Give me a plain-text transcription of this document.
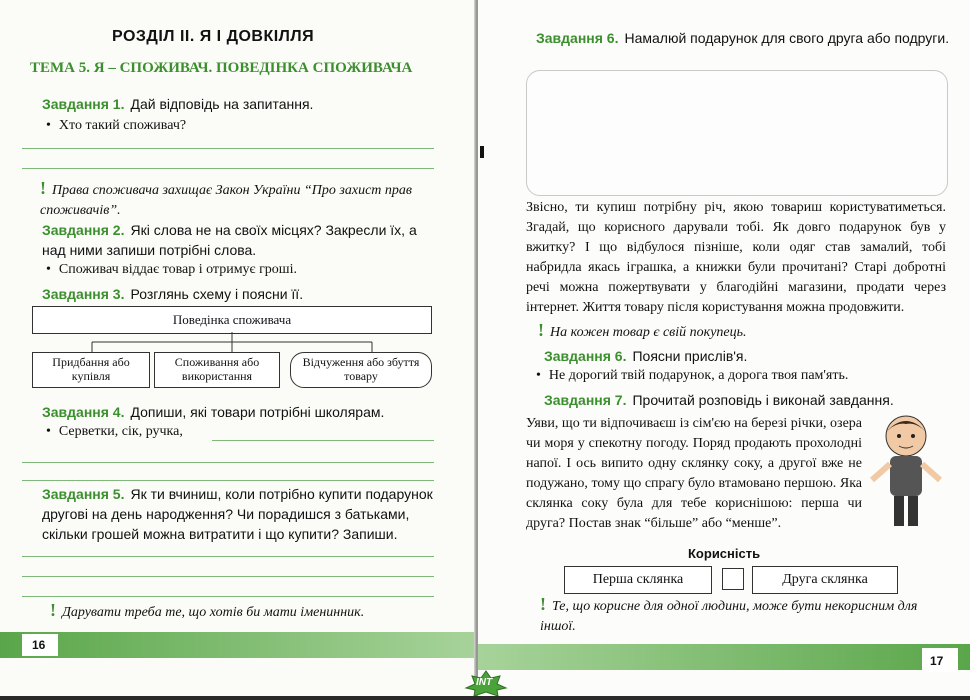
РОЗДІЛ ІІ. Я І ДОВКІЛЛЯ
ТЕМА 5. Я – СПОЖИВАЧ. ПОВЕДІНКА СПОЖИВАЧА
Завдання 1. Дай відповідь на запитання.
• Хто такий споживач?
! Права споживача захищає Закон України “Про захист прав споживачів”.
Завдання 2. Які слова не на своїх місцях? Закресли їх, а над ними запиши потрібні слова.
• Споживач віддає товар і отримує гроші.
Завдання 3. Розглянь схему і поясни її.
Поведінка споживача
Придбання або купівля
Споживання або використання
Відчуження або збуття товару
Завдання 4. Допиши, які товари потрібні школярам.
• Серветки, сік, ручка,
Завдання 5. Як ти вчиниш, коли потрібно купити подарунок другові на день народження? Чи порадишся з батьками, скільки грошей можна витратити і що купити? Запиши.
! Дарувати треба те, що хотів би мати іменинник.
16
Завдання 6. Намалюй подарунок для свого друга або подруги.
Звісно, ти купиш потрібну річ, якою товариш користуватиметься. Згадай, що корисного дарували тобі. Як довго подарунок був у вжитку? І що відбулося пізніше, коли одяг став замалий, тобі набридла якась іграшка, а книжки були прочитані? Старі добротні речі можна пожертвувати у благодійні магазини, продати через інтернет. Життя товару після користування можна продовжити.
! На кожен товар є свій покупець.
Завдання 6. Поясни прислів'я.
• Не дорогий твій подарунок, а дорога твоя пам'ять.
Завдання 7. Прочитай розповідь і виконай завдання.
Уяви, що ти відпочиваєш із сім'єю на березі річки, озера чи моря у спекотну погоду. Поряд продають прохолодні напої. І ось випито одну склянку соку, а другої вже не подужано, тому що спрагу було втамовано першою. Яка склянка соку була для тебе кориснішою: перша чи друга? Постав знак “більше” або “менше”.
Корисність
Перша склянка	Друга склянка
! Те, що корисне для одної людини, може бути некорисним для іншої.
17
INT
